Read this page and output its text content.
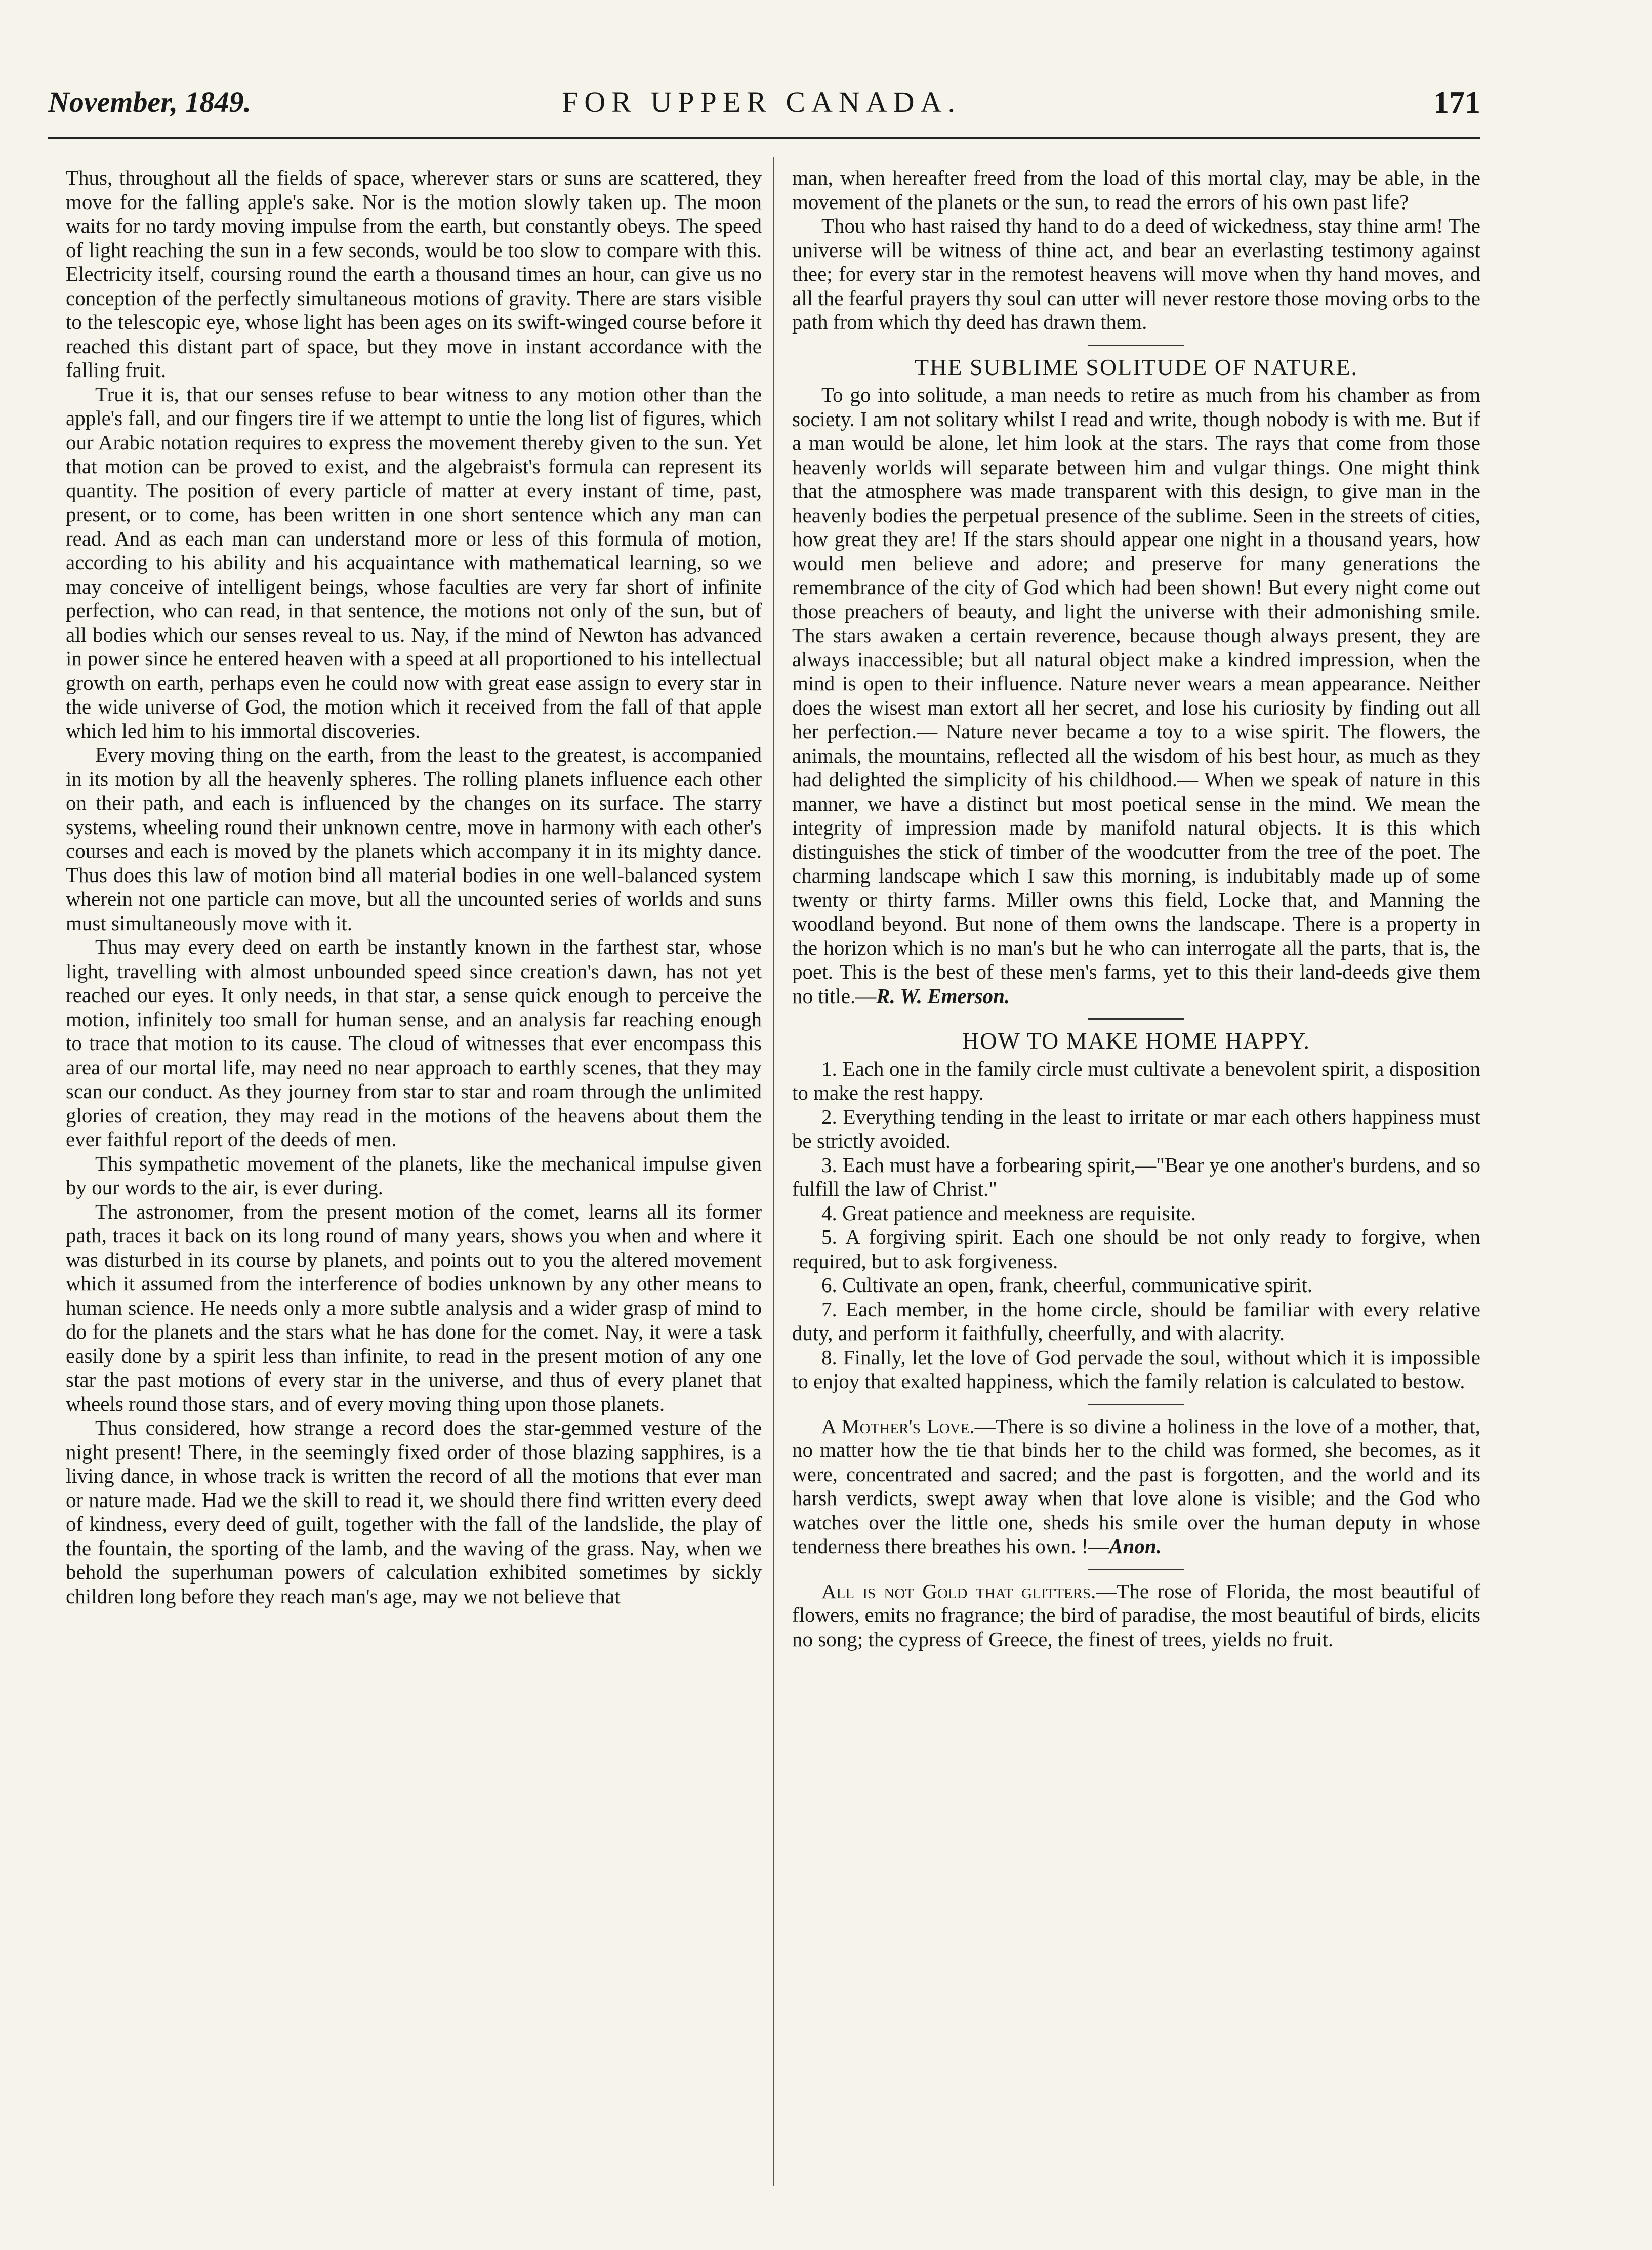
November, 1849.	FOR UPPER CANADA.	171

Thus, throughout all the fields of space, wherever stars or suns are scattered, they move for the falling apple's sake. Nor is the motion slowly taken up. The moon waits for no tardy moving impulse from the earth, but constantly obeys. The speed of light reaching the sun in a few seconds, would be too slow to compare with this. Electricity itself, coursing round the earth a thousand times an hour, can give us no conception of the perfectly simultaneous motions of gravity. There are stars visible to the telescopic eye, whose light has been ages on its swift-winged course before it reached this distant part of space, but they move in instant accordance with the falling fruit.

True it is, that our senses refuse to bear witness to any motion other than the apple's fall, and our fingers tire if we attempt to untie the long list of figures, which our Arabic notation requires to express the movement thereby given to the sun. Yet that motion can be proved to exist, and the algebraist's formula can represent its quantity. The position of every particle of matter at every instant of time, past, present, or to come, has been written in one short sentence which any man can read. And as each man can understand more or less of this formula of motion, according to his ability and his acquaintance with mathematical learning, so we may conceive of intelligent beings, whose faculties are very far short of infinite perfection, who can read, in that sentence, the motions not only of the sun, but of all bodies which our senses reveal to us. Nay, if the mind of Newton has advanced in power since he entered heaven with a speed at all proportioned to his intellectual growth on earth, perhaps even he could now with great ease assign to every star in the wide universe of God, the motion which it received from the fall of that apple which led him to his immortal discoveries.

Every moving thing on the earth, from the least to the greatest, is accompanied in its motion by all the heavenly spheres. The rolling planets influence each other on their path, and each is influenced by the changes on its surface. The starry systems, wheeling round their unknown centre, move in harmony with each other's courses and each is moved by the planets which accompany it in its mighty dance. Thus does this law of motion bind all material bodies in one well-balanced system wherein not one particle can move, but all the uncounted series of worlds and suns must simultaneously move with it.

Thus may every deed on earth be instantly known in the farthest star, whose light, travelling with almost unbounded speed since creation's dawn, has not yet reached our eyes. It only needs, in that star, a sense quick enough to perceive the motion, infinitely too small for human sense, and an analysis far reaching enough to trace that motion to its cause. The cloud of witnesses that ever encompass this area of our mortal life, may need no near approach to earthly scenes, that they may scan our conduct. As they journey from star to star and roam through the unlimited glories of creation, they may read in the motions of the heavens about them the ever faithful report of the deeds of men.

This sympathetic movement of the planets, like the mechanical impulse given by our words to the air, is ever during.

The astronomer, from the present motion of the comet, learns all its former path, traces it back on its long round of many years, shows you when and where it was disturbed in its course by planets, and points out to you the altered movement which it assumed from the interference of bodies unknown by any other means to human science. He needs only a more subtle analysis and a wider grasp of mind to do for the planets and the stars what he has done for the comet. Nay, it were a task easily done by a spirit less than infinite, to read in the present motion of any one star the past motions of every star in the universe, and thus of every planet that wheels round those stars, and of every moving thing upon those planets.

Thus considered, how strange a record does the star-gemmed vesture of the night present! There, in the seemingly fixed order of those blazing sapphires, is a living dance, in whose track is written the record of all the motions that ever man or nature made. Had we the skill to read it, we should there find written every deed of kindness, every deed of guilt, together with the fall of the landslide, the play of the fountain, the sporting of the lamb, and the waving of the grass. Nay, when we behold the superhuman powers of calculation exhibited sometimes by sickly children long before they reach man's age, may we not believe that

man, when hereafter freed from the load of this mortal clay, may be able, in the movement of the planets or the sun, to read the errors of his own past life?

Thou who hast raised thy hand to do a deed of wickedness, stay thine arm! The universe will be witness of thine act, and bear an everlasting testimony against thee; for every star in the remotest heavens will move when thy hand moves, and all the fearful prayers thy soul can utter will never restore those moving orbs to the path from which thy deed has drawn them.

THE SUBLIME SOLITUDE OF NATURE.

To go into solitude, a man needs to retire as much from his chamber as from society. I am not solitary whilst I read and write, though nobody is with me. But if a man would be alone, let him look at the stars. The rays that come from those heavenly worlds will separate between him and vulgar things. One might think that the atmosphere was made transparent with this design, to give man in the heavenly bodies the perpetual presence of the sublime. Seen in the streets of cities, how great they are! If the stars should appear one night in a thousand years, how would men believe and adore; and preserve for many generations the remembrance of the city of God which had been shown! But every night come out those preachers of beauty, and light the universe with their admonishing smile. The stars awaken a certain reverence, because though always present, they are always inaccessible; but all natural object make a kindred impression, when the mind is open to their influence. Nature never wears a mean appearance. Neither does the wisest man extort all her secret, and lose his curiosity by finding out all her perfection.— Nature never became a toy to a wise spirit. The flowers, the animals, the mountains, reflected all the wisdom of his best hour, as much as they had delighted the simplicity of his childhood.— When we speak of nature in this manner, we have a distinct but most poetical sense in the mind. We mean the integrity of impression made by manifold natural objects. It is this which distinguishes the stick of timber of the woodcutter from the tree of the poet. The charming landscape which I saw this morning, is indubitably made up of some twenty or thirty farms. Miller owns this field, Locke that, and Manning the woodland beyond. But none of them owns the landscape. There is a property in the horizon which is no man's but he who can interrogate all the parts, that is, the poet. This is the best of these men's farms, yet to this their land-deeds give them no title.—R. W. Emerson.

HOW TO MAKE HOME HAPPY.

1. Each one in the family circle must cultivate a benevolent spirit, a disposition to make the rest happy.

2. Everything tending in the least to irritate or mar each others happiness must be strictly avoided.

3. Each must have a forbearing spirit,—"Bear ye one another's burdens, and so fulfill the law of Christ."

4. Great patience and meekness are requisite.

5. A forgiving spirit. Each one should be not only ready to forgive, when required, but to ask forgiveness.

6. Cultivate an open, frank, cheerful, communicative spirit.

7. Each member, in the home circle, should be familiar with every relative duty, and perform it faithfully, cheerfully, and with alacrity.

8. Finally, let the love of God pervade the soul, without which it is impossible to enjoy that exalted happiness, which the family relation is calculated to bestow.

A Mother's Love.—There is so divine a holiness in the love of a mother, that, no matter how the tie that binds her to the child was formed, she becomes, as it were, concentrated and sacred; and the past is forgotten, and the world and its harsh verdicts, swept away when that love alone is visible; and the God who watches over the little one, sheds his smile over the human deputy in whose tenderness there breathes his own. !—Anon.

All is not Gold that glitters.—The rose of Florida, the most beautiful of flowers, emits no fragrance; the bird of paradise, the most beautiful of birds, elicits no song; the cypress of Greece, the finest of trees, yields no fruit.
